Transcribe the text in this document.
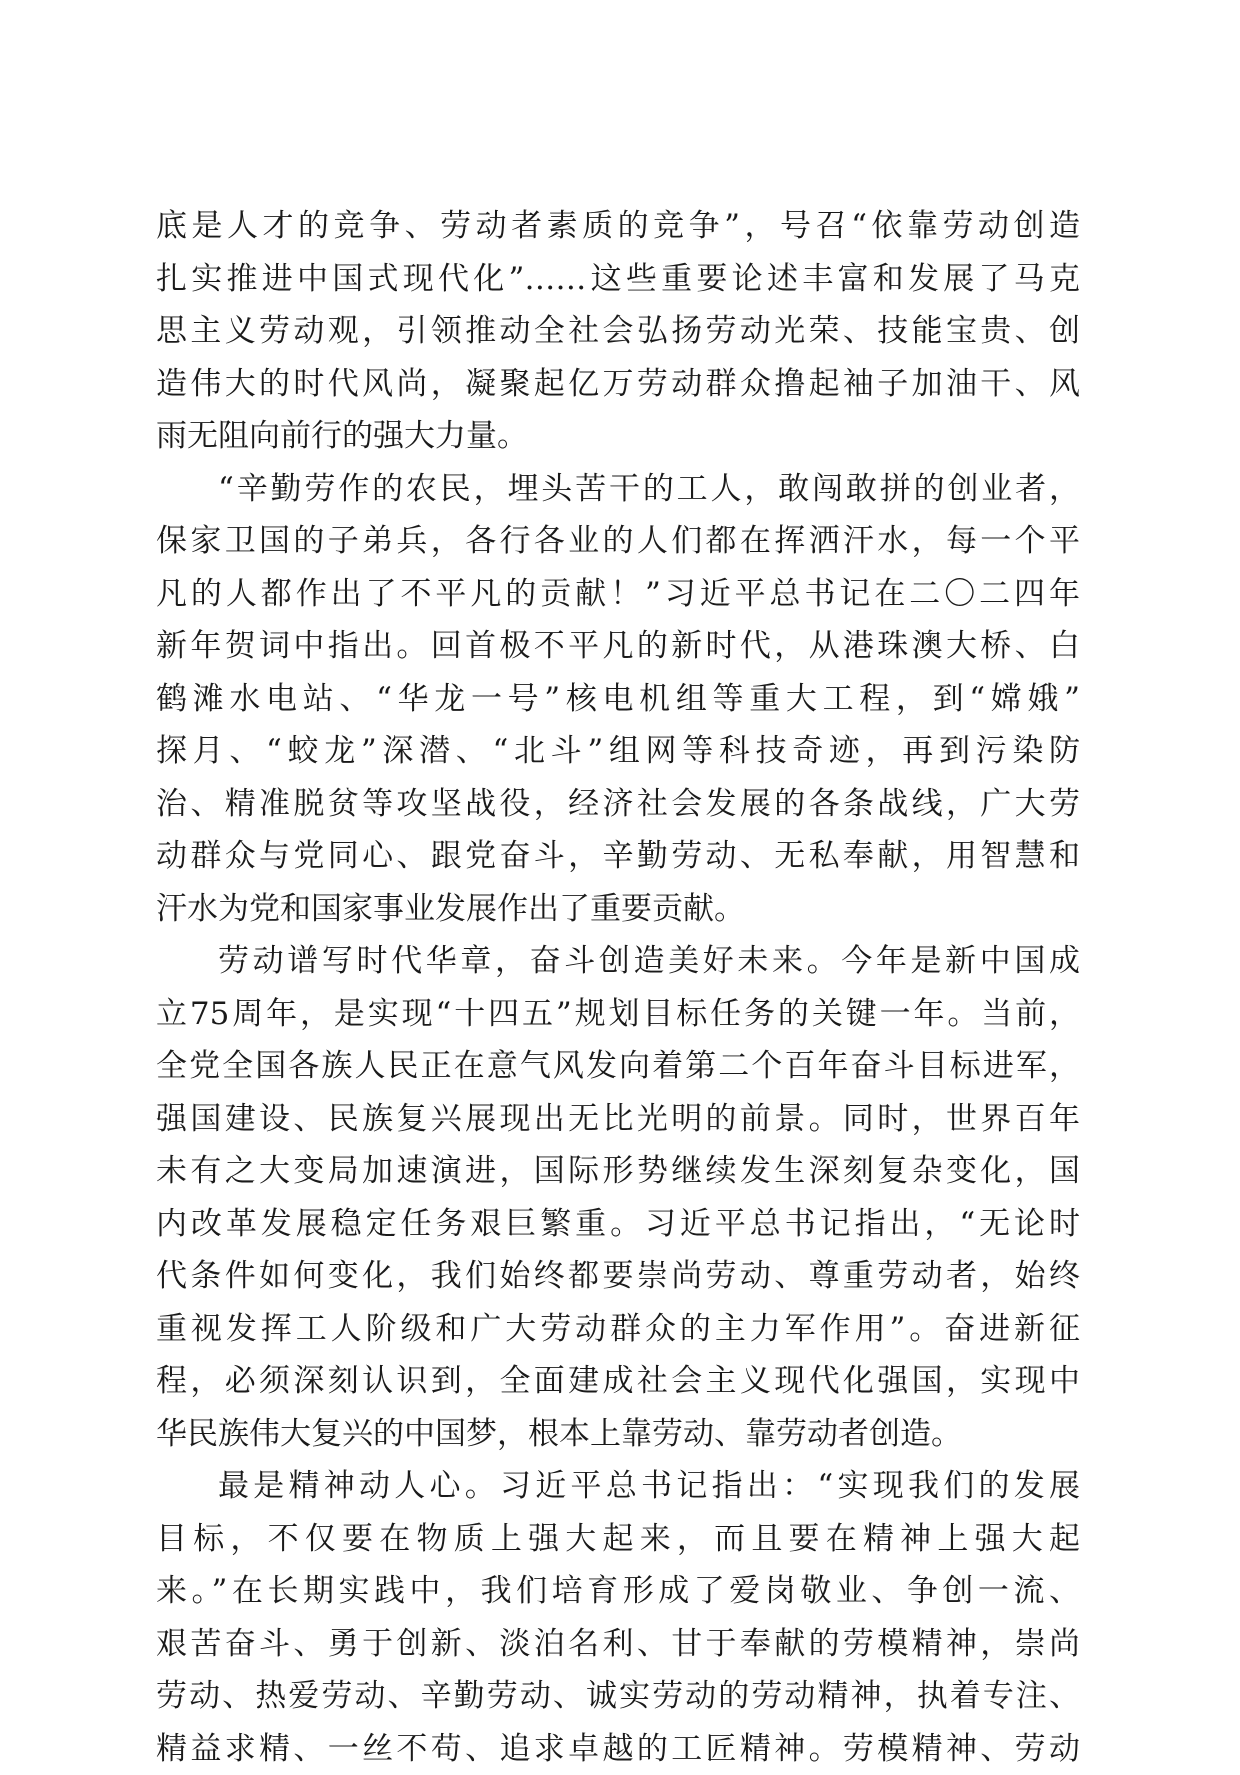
底是人才的竞争、劳动者素质的竞争”，号召“依靠劳动创造
扎实推进中国式现代化”……这些重要论述丰富和发展了马克
思主义劳动观，引领推动全社会弘扬劳动光荣、技能宝贵、创
造伟大的时代风尚，凝聚起亿万劳动群众撸起袖子加油干、风
雨无阻向前行的强大力量。
“辛勤劳作的农民，埋头苦干的工人，敢闯敢拼的创业者，
保家卫国的子弟兵，各行各业的人们都在挥洒汗水，每一个平
凡的人都作出了不平凡的贡献！”习近平总书记在二〇二四年
新年贺词中指出。回首极不平凡的新时代，从港珠澳大桥、白
鹤滩水电站、“华龙一号”核电机组等重大工程，到“嫦娥”
探月、“蛟龙”深潜、“北斗”组网等科技奇迹，再到污染防
治、精准脱贫等攻坚战役，经济社会发展的各条战线，广大劳
动群众与党同心、跟党奋斗，辛勤劳动、无私奉献，用智慧和
汗水为党和国家事业发展作出了重要贡献。
劳动谱写时代华章，奋斗创造美好未来。今年是新中国成
立75周年，是实现“十四五”规划目标任务的关键一年。当前，
全党全国各族人民正在意气风发向着第二个百年奋斗目标进军，
强国建设、民族复兴展现出无比光明的前景。同时，世界百年
未有之大变局加速演进，国际形势继续发生深刻复杂变化，国
内改革发展稳定任务艰巨繁重。习近平总书记指出，“无论时
代条件如何变化，我们始终都要崇尚劳动、尊重劳动者，始终
重视发挥工人阶级和广大劳动群众的主力军作用”。奋进新征
程，必须深刻认识到，全面建成社会主义现代化强国，实现中
华民族伟大复兴的中国梦，根本上靠劳动、靠劳动者创造。
最是精神动人心。习近平总书记指出：“实现我们的发展
目标，不仅要在物质上强大起来，而且要在精神上强大起
来。”在长期实践中，我们培育形成了爱岗敬业、争创一流、
艰苦奋斗、勇于创新、淡泊名利、甘于奉献的劳模精神，崇尚
劳动、热爱劳动、辛勤劳动、诚实劳动的劳动精神，执着专注、
精益求精、一丝不苟、追求卓越的工匠精神。劳模精神、劳动
